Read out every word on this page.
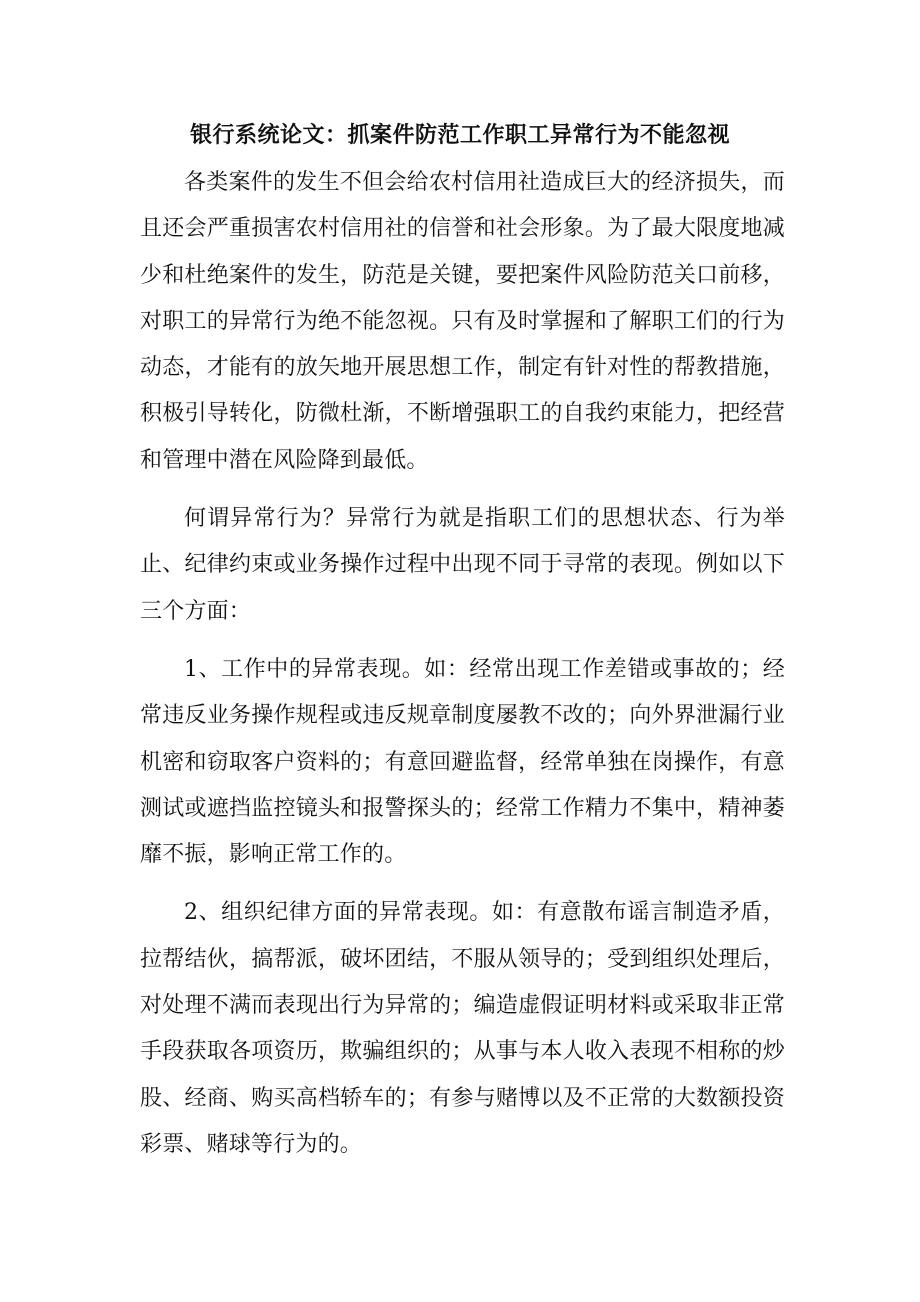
银行系统论文：抓案件防范工作职工异常行为不能忽视

各类案件的发生不但会给农村信用社造成巨大的经济损失，而且还会严重损害农村信用社的信誉和社会形象。为了最大限度地减少和杜绝案件的发生，防范是关键，要把案件风险防范关口前移，对职工的异常行为绝不能忽视。只有及时掌握和了解职工们的行为动态，才能有的放矢地开展思想工作，制定有针对性的帮教措施，积极引导转化，防微杜渐，不断增强职工的自我约束能力，把经营和管理中潜在风险降到最低。

何谓异常行为？异常行为就是指职工们的思想状态、行为举止、纪律约束或业务操作过程中出现不同于寻常的表现。例如以下三个方面：

1、工作中的异常表现。如：经常出现工作差错或事故的；经常违反业务操作规程或违反规章制度屡教不改的；向外界泄漏行业机密和窃取客户资料的；有意回避监督，经常单独在岗操作，有意测试或遮挡监控镜头和报警探头的；经常工作精力不集中，精神萎靡不振，影响正常工作的。

2、组织纪律方面的异常表现。如：有意散布谣言制造矛盾，拉帮结伙，搞帮派，破坏团结，不服从领导的；受到组织处理后，对处理不满而表现出行为异常的；编造虚假证明材料或采取非正常手段获取各项资历，欺骗组织的；从事与本人收入表现不相称的炒股、经商、购买高档轿车的；有参与赌博以及不正常的大数额投资彩票、赌球等行为的。
